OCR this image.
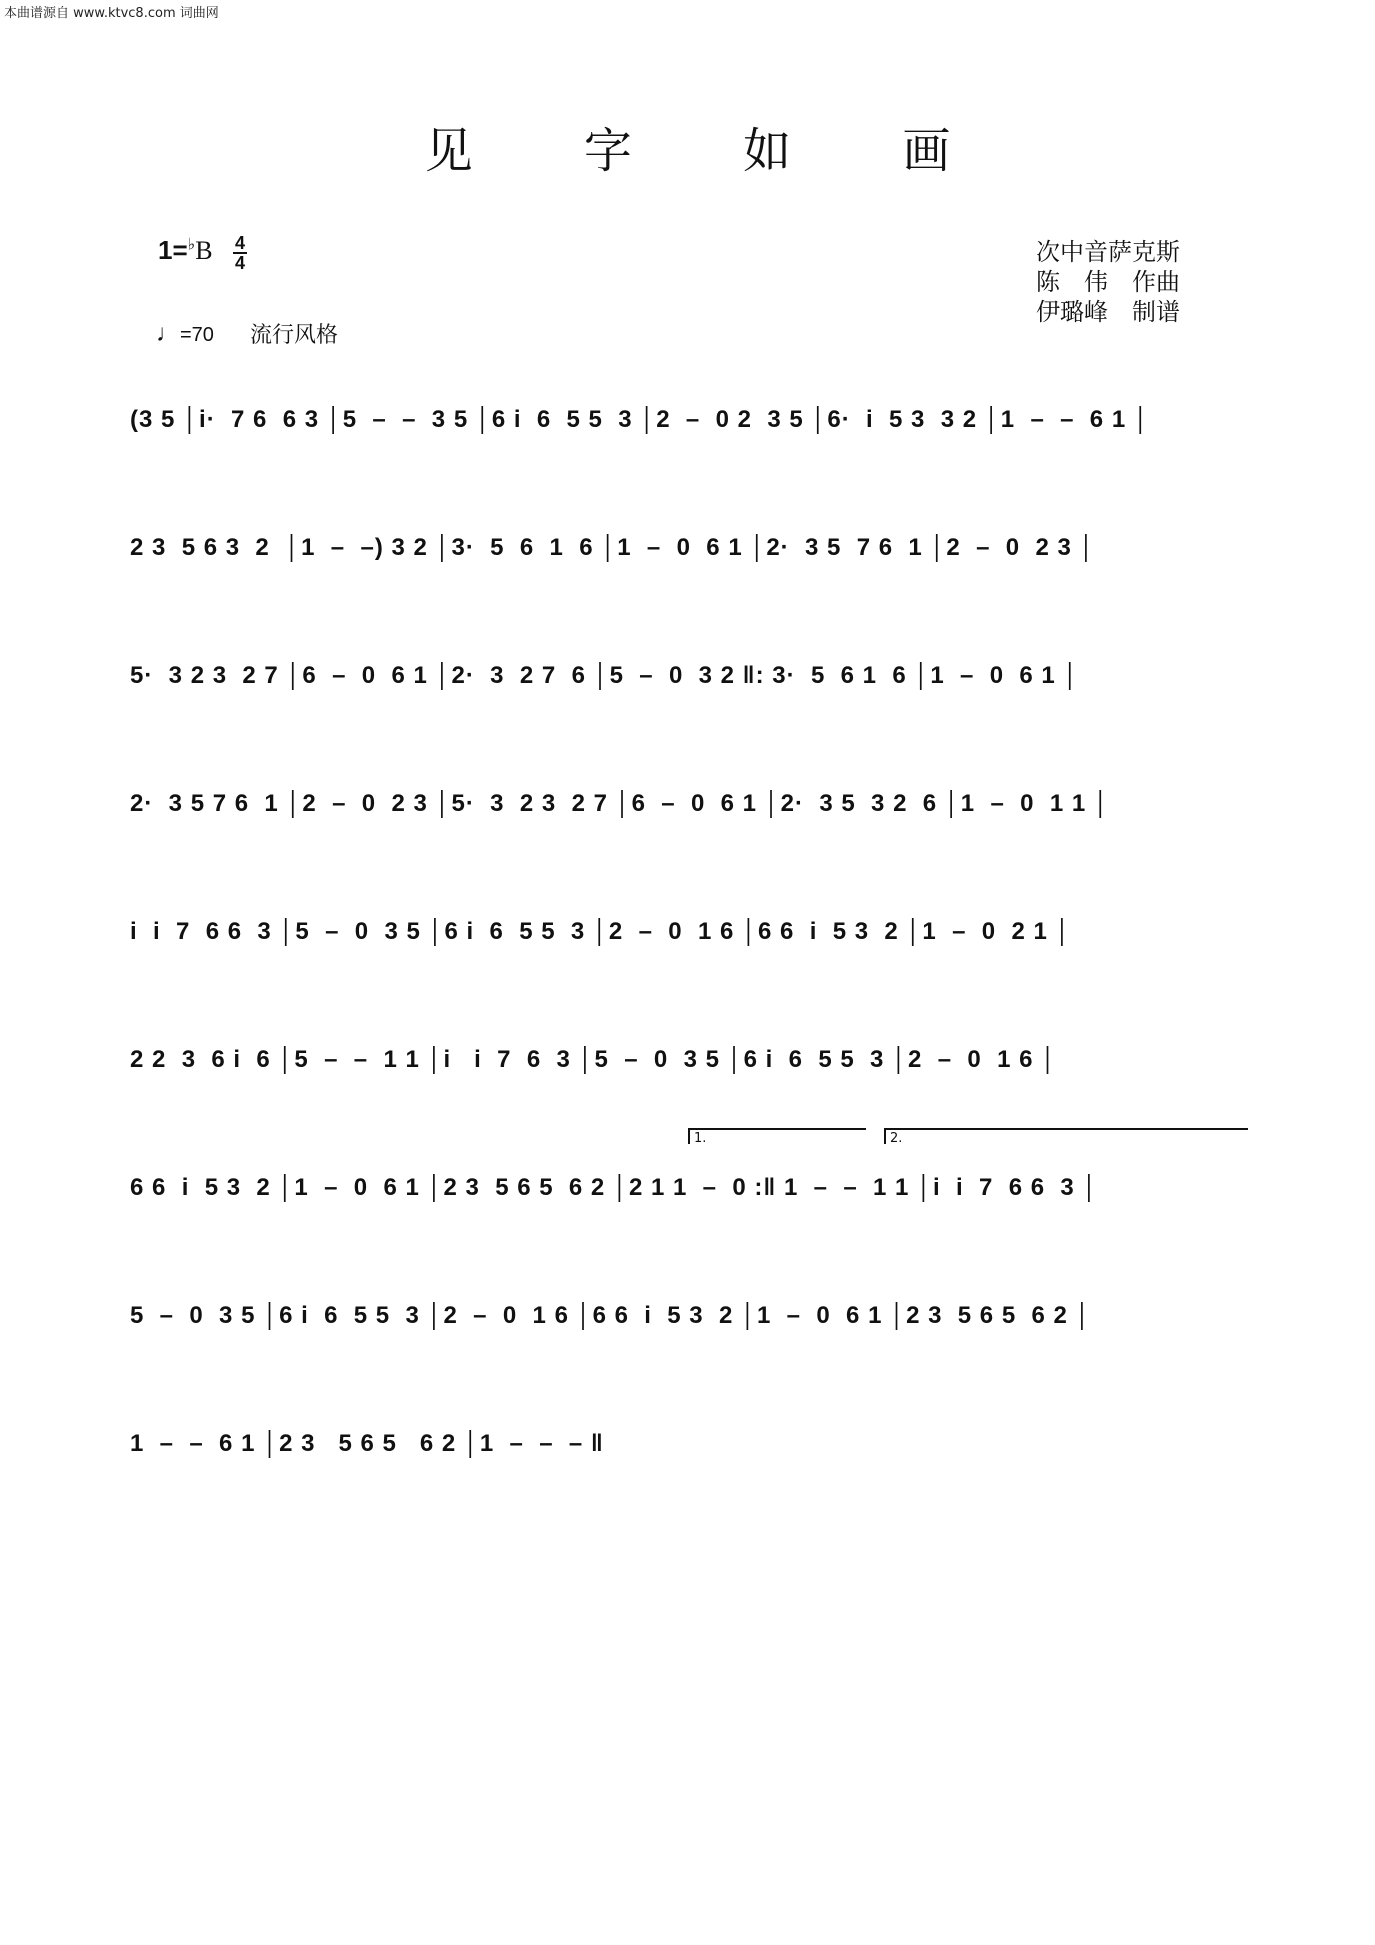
本曲谱源自 www.ktvc8.com 词曲网
见 字 如 画
$1=^♭B \frac{4}{4}$	次中音萨克斯
陈　伟　作曲
伊璐峰　制谱
♩=70 流行风格
(3 5 │i·  7 6  6 3 │5  –  –  3 5 │6 i  6  5 5  3 │2  –  0 2  3 5 │6·  i  5 3  3 2 │1  –  –  6 1 │
2 3  5 6 3  2  │1  –  –) 3 2 │3·  5  6  1  6 │1  –  0  6 1 │2·  3 5  7 6  1 │2  –  0  2 3 │
5·  3 2 3  2 7 │6  –  0  6 1 │2·  3  2 7  6 │5  –  0  3 2 ‖: 3·  5  6 1  6 │1  –  0  6 1 │
2·  3 5 7 6  1 │2  –  0  2 3 │5·  3  2 3  2 7 │6  –  0  6 1 │2·  3 5  3 2  6 │1  –  0  1 1 │
i  i  7  6 6  3 │5  –  0  3 5 │6 i  6  5 5  3 │2  –  0  1 6 │6 6  i  5 3  2 │1  –  0  2 1 │
2 2  3  6 i  6 │5  –  –  1 1 │i   i  7  6  3 │5  –  0  3 5 │6 i  6  5 5  3 │2  –  0  1 6 │
1.	2.
6 6  i  5 3  2 │1  –  0  6 1 │2 3  5 6 5  6 2 │2 1 1  –  0 :‖ 1  –  –  1 1 │i  i  7  6 6  3 │
5  –  0  3 5 │6 i  6  5 5  3 │2  –  0  1 6 │6 6  i  5 3  2 │1  –  0  6 1 │2 3  5 6 5  6 2 │
1  –  –  6 1 │2 3   5 6 5   6 2 │1  –  –  – ‖
